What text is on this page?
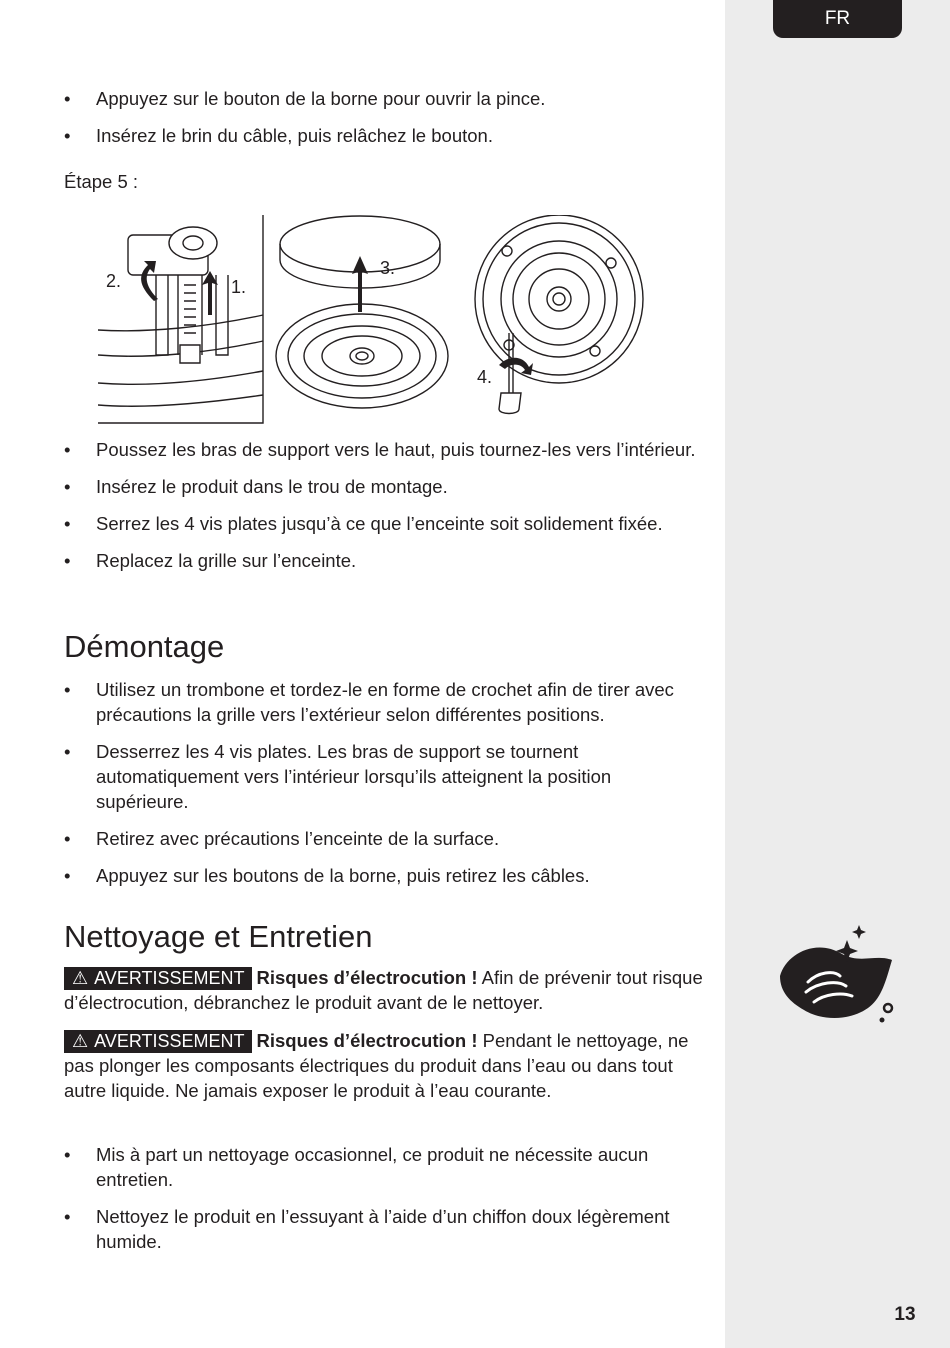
FR
13
• Appuyez sur le bouton de la borne pour ouvrir la pince.
• Insérez le brin du câble, puis relâchez le bouton.
Étape 5 :
2.	1.
3.
4.
• Poussez les bras de support vers le haut, puis tournez-les vers l’intérieur.
• Insérez le produit dans le trou de montage.
• Serrez les 4 vis plates jusqu’à ce que l’enceinte soit solidement fixée.
• Replacez la grille sur l’enceinte.
Démontage
• Utilisez un trombone et tordez-le en forme de crochet afin de tirer avec précautions la grille vers l’extérieur selon différentes positions.
• Desserrez les 4 vis plates. Les bras de support se tournent automatiquement vers l’intérieur lorsqu’ils atteignent la position supérieure.
• Retirez avec précautions l’enceinte de la surface.
• Appuyez sur les boutons de la borne, puis retirez les câbles.
Nettoyage et Entretien
⚠ AVERTISSEMENT Risques d’électrocution ! Afin de prévenir tout risque d’électrocution, débranchez le produit avant de le nettoyer.
⚠ AVERTISSEMENT Risques d’électrocution ! Pendant le nettoyage, ne pas plonger les composants électriques du produit dans l’eau ou dans tout autre liquide. Ne jamais exposer le produit à l’eau courante.
• Mis à part un nettoyage occasionnel, ce produit ne nécessite aucun entretien.
• Nettoyez le produit en l’essuyant à l’aide d’un chiffon doux légèrement humide.
